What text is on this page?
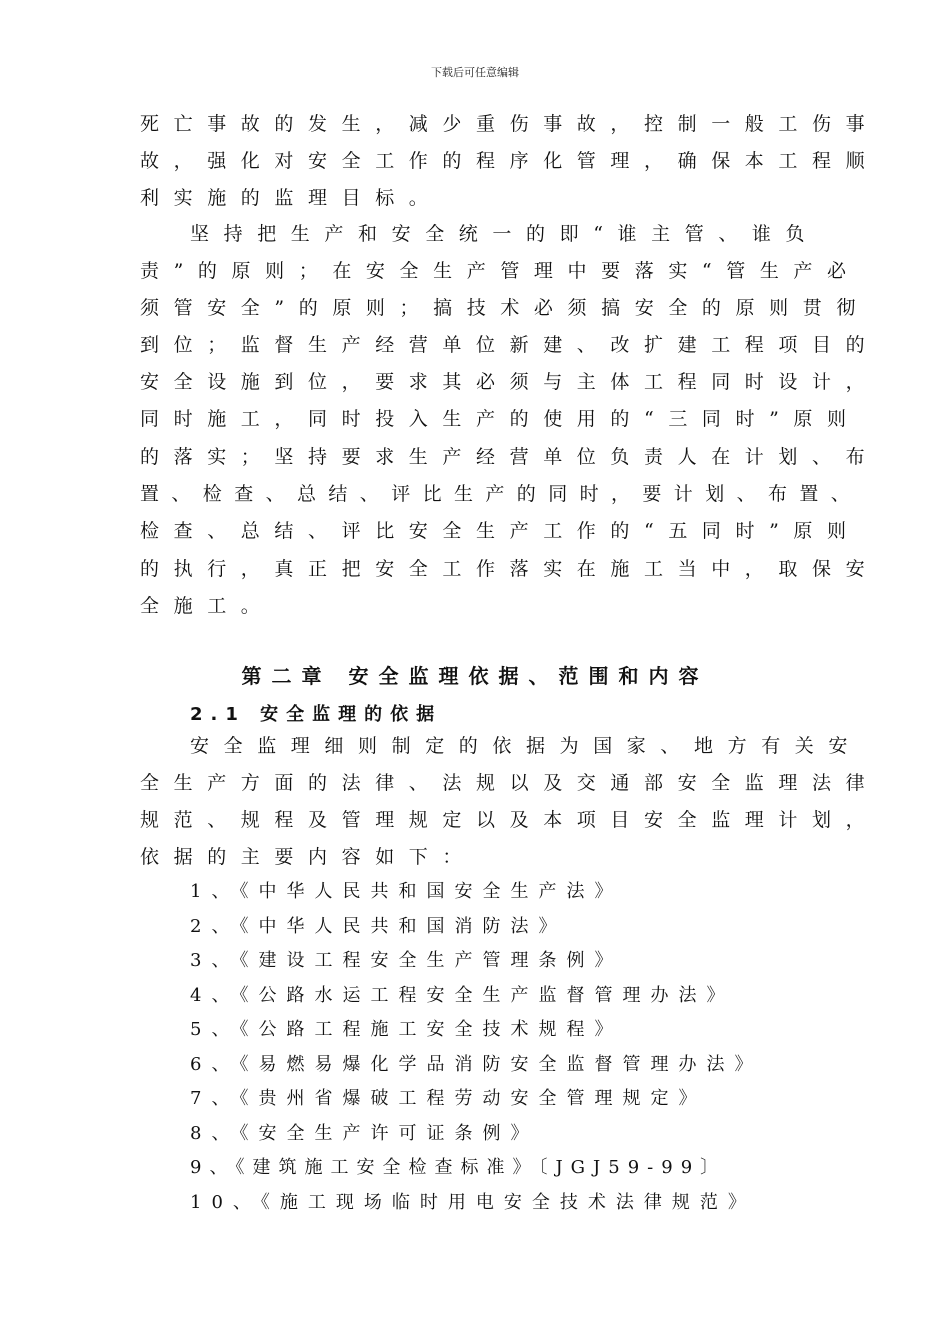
下载后可任意编辑
死亡事故的发生，减少重伤事故，控制一般工伤事
故，强化对安全工作的程序化管理，确保本工程顺
利实施的监理目标。
坚持把生产和安全统一的即“谁主管、谁负
责”的原则；在安全生产管理中要落实“管生产必
须管安全”的原则；搞技术必须搞安全的原则贯彻
到位；监督生产经营单位新建、改扩建工程项目的
安全设施到位，要求其必须与主体工程同时设计，
同时施工，同时投入生产的使用的“三同时”原则
的落实；坚持要求生产经营单位负责人在计划、布
置、检查、总结、评比生产的同时，要计划、布置、
检查、总结、评比安全生产工作的“五同时”原则
的执行，真正把安全工作落实在施工当中，取保安
全施工。
第二章 安全监理依据、范围和内容
2.1 安全监理的依据
安全监理细则制定的依据为国家、地方有关安
全生产方面的法律、法规以及交通部安全监理法律
规范、规程及管理规定以及本项目安全监理计划，
依据的主要内容如下：
1、《中华人民共和国安全生产法》
2、《中华人民共和国消防法》
3、《建设工程安全生产管理条例》
4、《公路水运工程安全生产监督管理办法》
5、《公路工程施工安全技术规程》
6、《易燃易爆化学品消防安全监督管理办法》
7、《贵州省爆破工程劳动安全管理规定》
8、《安全生产许可证条例》
9、《建筑施工安全检查标准》〔JGJ59-99〕
10、《施工现场临时用电安全技术法律规范》
